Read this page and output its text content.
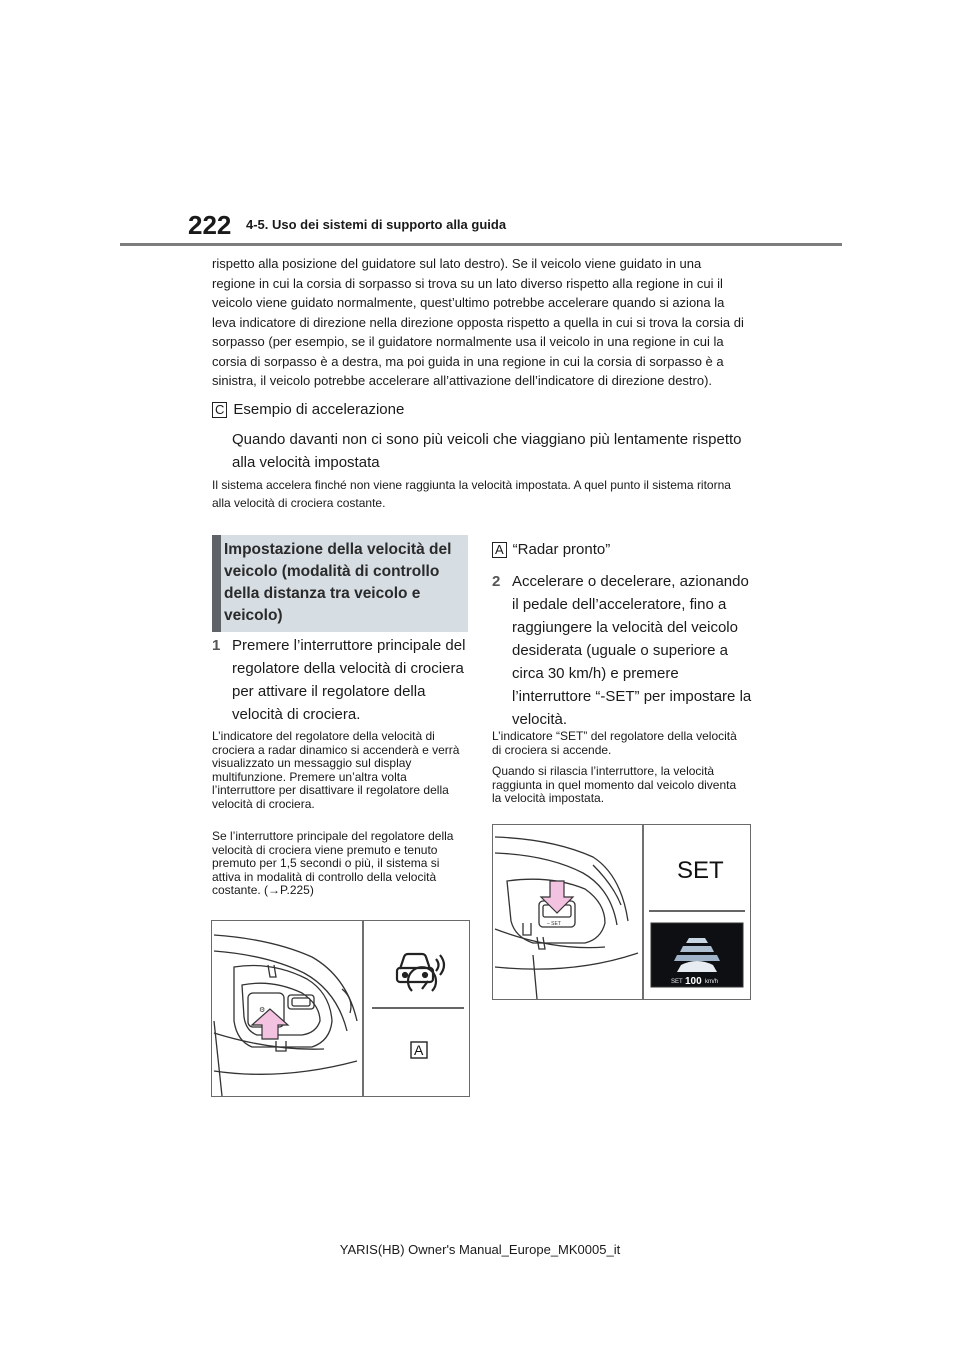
222 4-5. Uso dei sistemi di supporto alla guida

rispetto alla posizione del guidatore sul lato destro). Se il veicolo viene guidato in una regione in cui la corsia di sorpasso si trova su un lato diverso rispetto alla regione in cui il veicolo viene guidato normalmente, quest’ultimo potrebbe accelerare quando si aziona la leva indicatore di direzione nella direzione opposta rispetto a quella in cui si trova la corsia di sorpasso (per esempio, se il guidatore normalmente usa il veicolo in una regione in cui la corsia di sorpasso è a destra, ma poi guida in una regione in cui la corsia di sorpasso è a sinistra, il veicolo potrebbe accelerare all’attivazione dell’indicatore di direzione destro).

C Esempio di accelerazione

Quando davanti non ci sono più veicoli che viaggiano più lentamente rispetto alla velocità impostata

Il sistema accelera finché non viene raggiunta la velocità impostata. A quel punto il sistema ritorna alla velocità di crociera costante.

Impostazione della velocità del veicolo (modalità di controllo della distanza tra veicolo e veicolo)

1 Premere l’interruttore principale del regolatore della velocità di crociera per attivare il regolatore della velocità di crociera.

L’indicatore del regolatore della velocità di crociera a radar dinamico si accenderà e verrà visualizzato un messaggio sul display multifunzione. Premere un’altra volta l’interruttore per disattivare il regolatore della velocità di crociera.

Se l’interruttore principale del regolatore della velocità di crociera viene premuto e tenuto premuto per 1,5 secondi o più, il sistema si attiva in modalità di controllo della velocità costante. (→P.225)

A “Radar pronto”

2 Accelerare o decelerare, azionando il pedale dell’acceleratore, fino a raggiungere la velocità del veicolo desiderata (uguale o superiore a circa 30 km/h) e premere l’interruttore “-SET” per impostare la velocità.

L’indicatore “SET” del regolatore della velocità di crociera si accende.

Quando si rilascia l’interruttore, la velocità raggiunta in quel momento dal veicolo diventa la velocità impostata.

⚙
A
– SET
SET
SET 100 km/h
YARIS(HB) Owner's Manual_Europe_MK0005_it
